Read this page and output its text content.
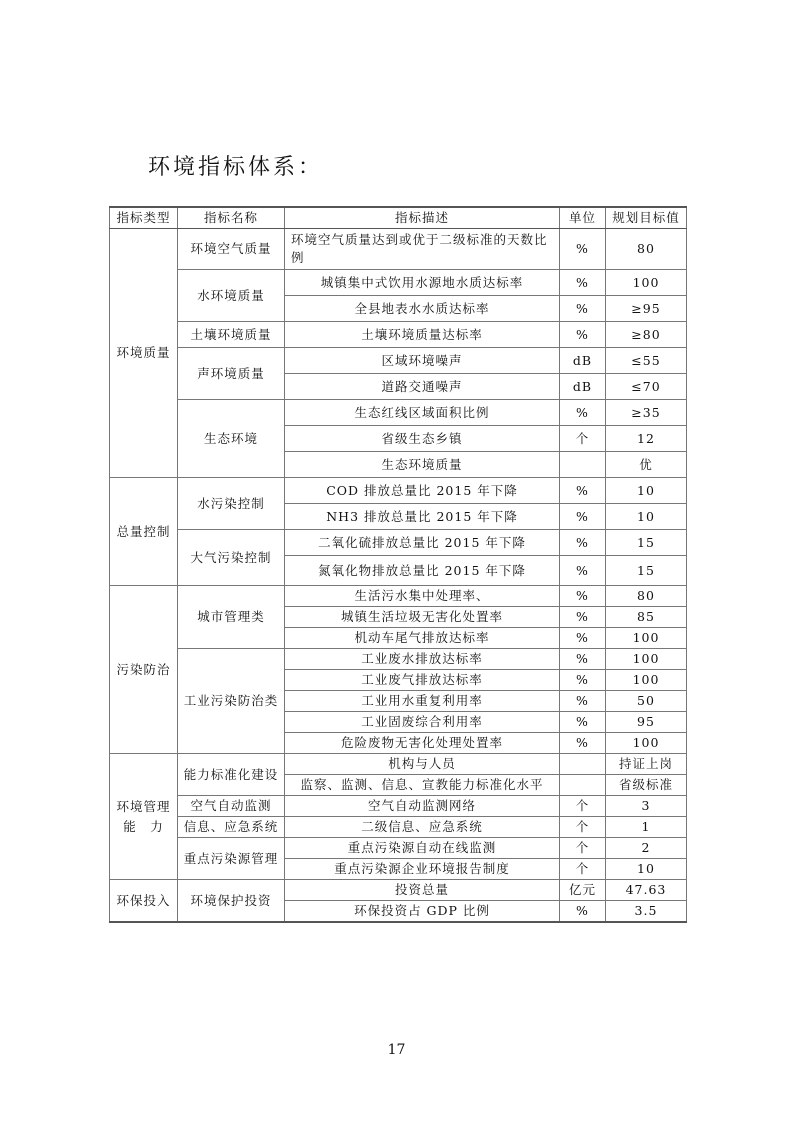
环境指标体系：
指标类型	指标名称	指标描述	单位	规划目标值
环境质量	环境空气质量	环境空气质量达到或优于二级标准的天数比例	%	80
	水环境质量	城镇集中式饮用水源地水质达标率	%	100
		全县地表水水质达标率	%	≥95
	土壤环境质量	土壤环境质量达标率	%	≥80
	声环境质量	区域环境噪声	dB	≤55
		道路交通噪声	dB	≤70
	生态环境	生态红线区域面积比例	%	≥35
		省级生态乡镇	个	12
		生态环境质量		优
总量控制	水污染控制	COD 排放总量比 2015 年下降	%	10
		NH3 排放总量比 2015 年下降	%	10
	大气污染控制	二氧化硫排放总量比 2015 年下降	%	15
		氮氧化物排放总量比 2015 年下降	%	15
污染防治	城市管理类	生活污水集中处理率、	%	80
		城镇生活垃圾无害化处置率	%	85
		机动车尾气排放达标率	%	100
	工业污染防治类	工业废水排放达标率	%	100
		工业废气排放达标率	%	100
		工业用水重复利用率	%	50
		工业固废综合利用率	%	95
		危险废物无害化处理处置率	%	100
环境管理能　力	能力标准化建设	机构与人员		持证上岗
		监察、监测、信息、宣教能力标准化水平		省级标准
	空气自动监测	空气自动监测网络	个	3
	信息、应急系统	二级信息、应急系统	个	1
	重点污染源管理	重点污染源自动在线监测	个	2
		重点污染源企业环境报告制度	个	10
环保投入	环境保护投资	投资总量	亿元	47.63
		环保投资占 GDP 比例	%	3.5
17
